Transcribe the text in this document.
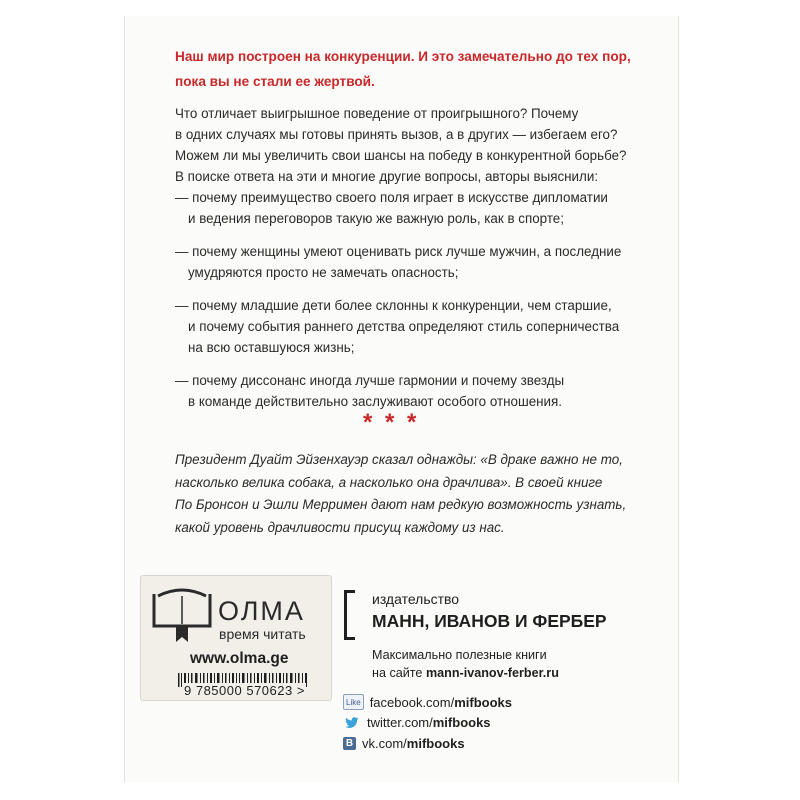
Наш мир построен на конкуренции. И это замечательно до тех пор,
пока вы не стали ее жертвой.
Что отличает выигрышное поведение от проигрышного? Почему
в одних случаях мы готовы принять вызов, а в других — избегаем его?
Можем ли мы увеличить свои шансы на победу в конкурентной борьбе?
В поиске ответа на эти и многие другие вопросы, авторы выяснили:
— почему преимущество своего поля играет в искусстве дипломатии
и ведения переговоров такую же важную роль, как в спорте;
— почему женщины умеют оценивать риск лучше мужчин, а последние
умудряются просто не замечать опасность;
— почему младшие дети более склонны к конкуренции, чем старшие,
и почему события раннего детства определяют стиль соперничества
на всю оставшуюся жизнь;
— почему диссонанс иногда лучше гармонии и почему звезды
в команде действительно заслуживают особого отношения.
* * *
Президент Дуайт Эйзенхауэр сказал однажды: «В драке важно не то,
насколько велика собака, а насколько она драчлива». В своей книге
По Бронсон и Эшли Мерримен дают нам редкую возможность узнать,
какой уровень драчливости присущ каждому из нас.
ОЛМА
время читать
www.olma.ge
9 785000 570623 >
издательство
МАНН, ИВАНОВ И ФЕРБЕР
Максимально полезные книги
на сайте mann-ivanov-ferber.ru
Like facebook.com/ mifbooks
twitter.com/ mifbooks
В vk.com/ mifbooks
